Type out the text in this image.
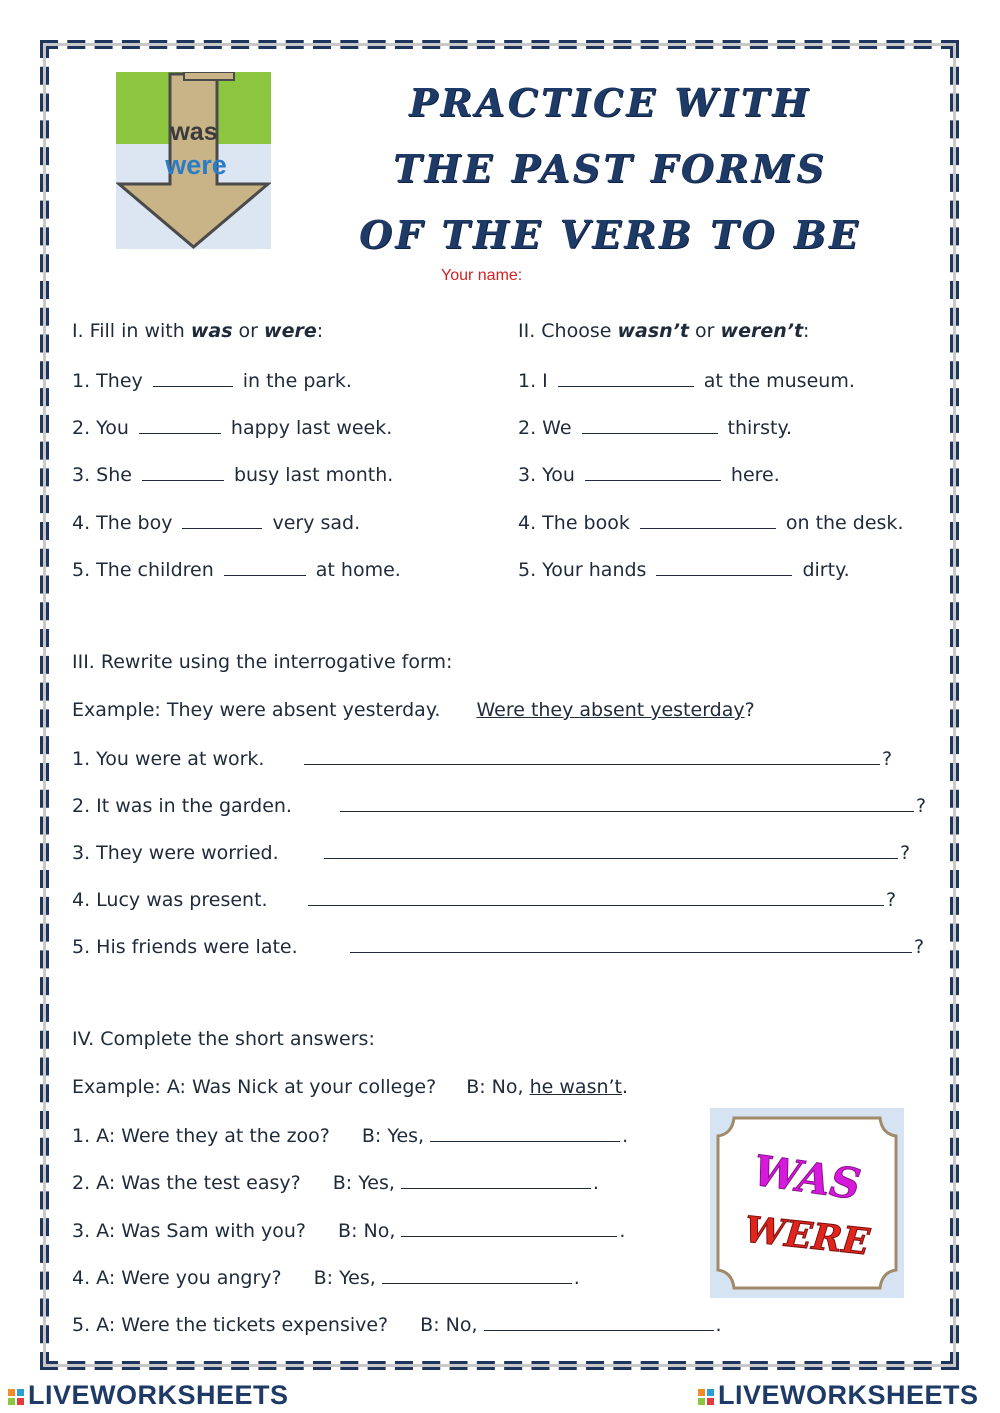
was
were
PRACTICE WITH
THE PAST FORMS
OF THE VERB TO BE
Your name:
I. Fill in with was or were:
1. They	in the park.
2. You	happy last week.
3. She	busy last month.
4. The boy	very sad.
5. The children	at home.
II. Choose wasn’t or weren’t:
1. I	at the museum.
2. We	thirsty.
3. You	here.
4. The book	on the desk.
5. Your hands	dirty.
III. Rewrite using the interrogative form:
Example: They were absent yesterday. Were they absent yesterday?
1. You were at work.	?
2. It was in the garden.	?
3. They were worried.	?
4. Lucy was present.	?
5. His friends were late.	?
IV. Complete the short answers:
Example: A: Was Nick at your college? B: No, he wasn’t.
1. A: Were they at the zoo? B: Yes,	.
2. A: Was the test easy? B: Yes,	.
3. A: Was Sam with you? B: No,	.
4. A: Were you angry? B: Yes,	.
5. A: Were the tickets expensive? B: No,	.
WAS
WERE
LIVEWORKSHEETS	LIVEWORKSHEETS
